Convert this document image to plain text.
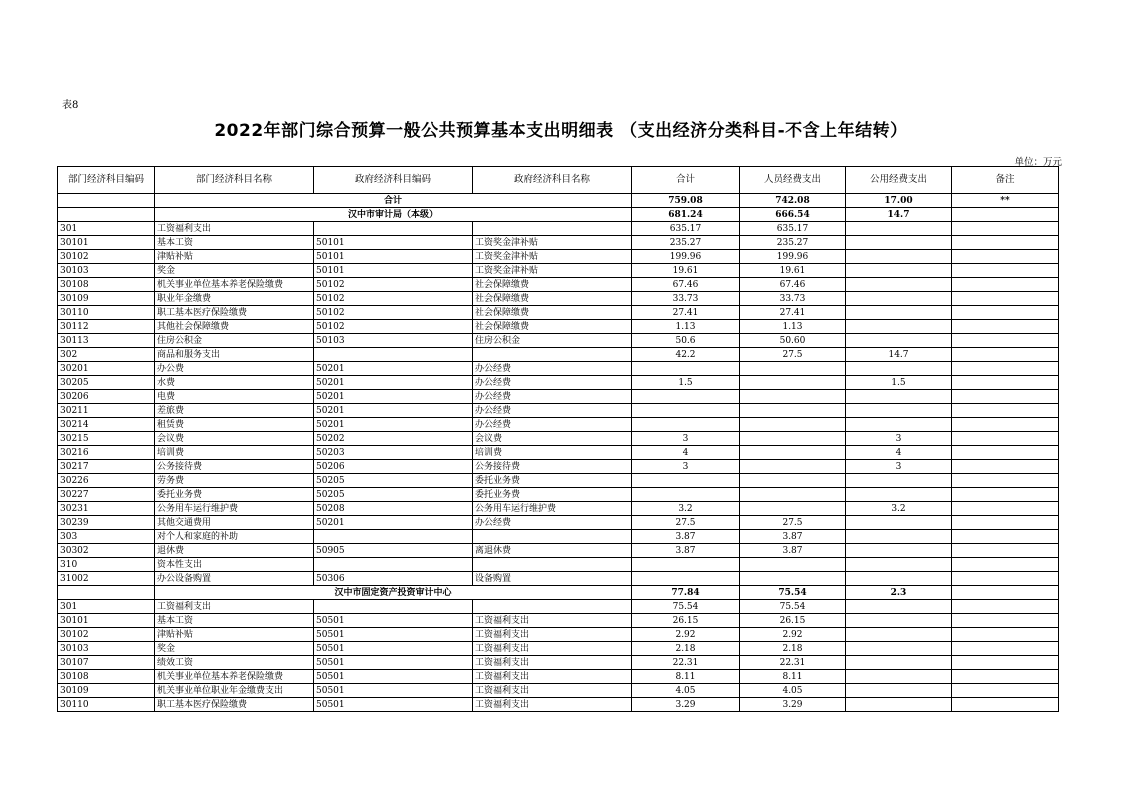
表8
2022年部门综合预算一般公共预算基本支出明细表 （支出经济分类科目-不含上年结转）
单位：万元
部门经济科目编码	部门经济科目名称	政府经济科目编码	政府经济科目名称	合计	人员经费支出	公用经费支出	备注
	合计			759.08	742.08	17.00	**
	汉中市审计局（本级）			681.24	666.54	14.7	
301	工资福利支出			635.17	635.17		
30101	基本工资	50101	工资奖金津补贴	235.27	235.27		
30102	津贴补贴	50101	工资奖金津补贴	199.96	199.96		
30103	奖金	50101	工资奖金津补贴	19.61	19.61		
30108	机关事业单位基本养老保险缴费	50102	社会保障缴费	67.46	67.46		
30109	职业年金缴费	50102	社会保障缴费	33.73	33.73		
30110	职工基本医疗保险缴费	50102	社会保障缴费	27.41	27.41		
30112	其他社会保障缴费	50102	社会保障缴费	1.13	1.13		
30113	住房公积金	50103	住房公积金	50.6	50.60		
302	商品和服务支出			42.2	27.5	14.7	
30201	办公费	50201	办公经费				
30205	水费	50201	办公经费	1.5		1.5	
30206	电费	50201	办公经费				
30211	差旅费	50201	办公经费				
30214	租赁费	50201	办公经费				
30215	会议费	50202	会议费	3		3	
30216	培训费	50203	培训费	4		4	
30217	公务接待费	50206	公务接待费	3		3	
30226	劳务费	50205	委托业务费				
30227	委托业务费	50205	委托业务费				
30231	公务用车运行维护费	50208	公务用车运行维护费	3.2		3.2	
30239	其他交通费用	50201	办公经费	27.5	27.5		
303	对个人和家庭的补助			3.87	3.87		
30302	退休费	50905	离退休费	3.87	3.87		
310	资本性支出						
31002	办公设备购置	50306	设备购置				
	汉中市固定资产投资审计中心			77.84	75.54	2.3	
301	工资福利支出			75.54	75.54		
30101	基本工资	50501	工资福利支出	26.15	26.15		
30102	津贴补贴	50501	工资福利支出	2.92	2.92		
30103	奖金	50501	工资福利支出	2.18	2.18		
30107	绩效工资	50501	工资福利支出	22.31	22.31		
30108	机关事业单位基本养老保险缴费	50501	工资福利支出	8.11	8.11		
30109	机关事业单位职业年金缴费支出	50501	工资福利支出	4.05	4.05		
30110	职工基本医疗保险缴费	50501	工资福利支出	3.29	3.29		
